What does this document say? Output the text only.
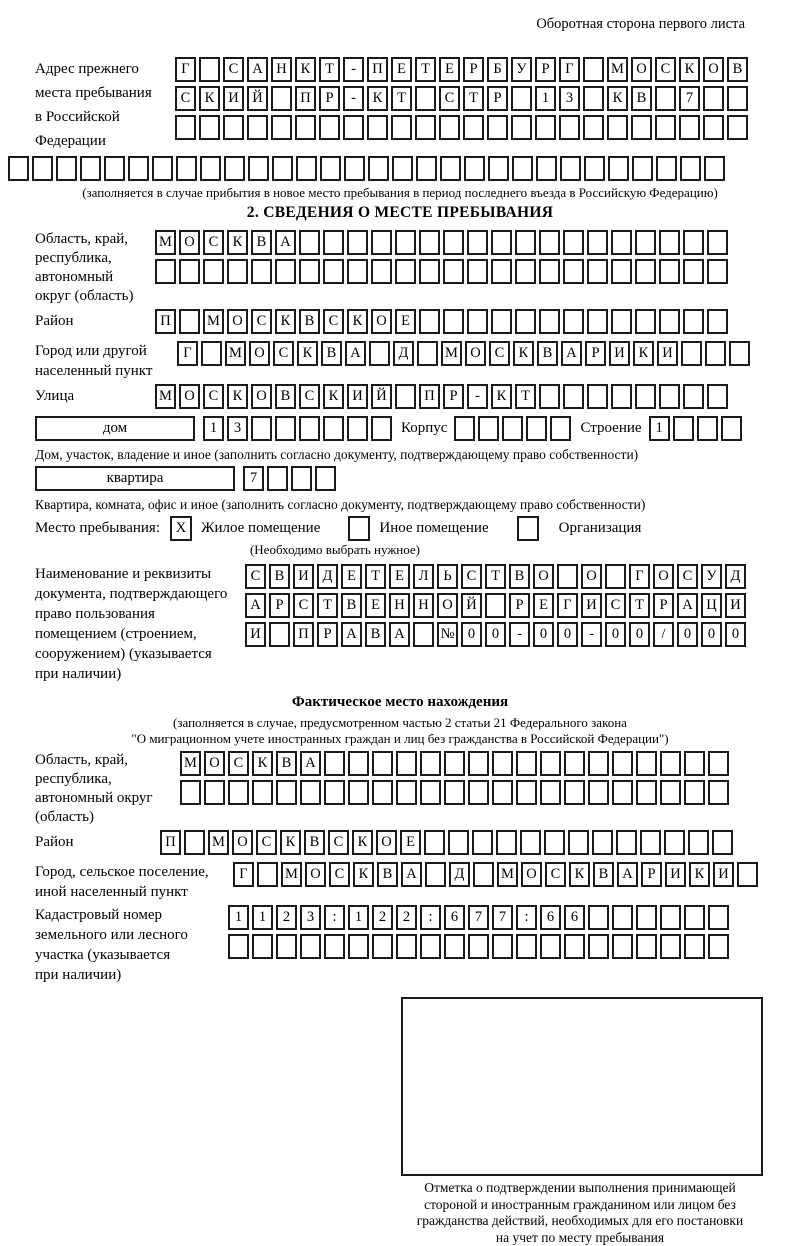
Оборотная сторона первого листа
Адрес прежнего
места пребывания
в Российской
Федерации
Г	С А Н К Т - П Е Т Е Р Б У Р Г	М О С К О В
С К И Й	П Р - К Т	С Т Р	1 3	К В	7
(заполняется в случае прибытия в новое место пребывания в период последнего въезда в Российскую Федерацию)
2. СВЕДЕНИЯ О МЕСТЕ ПРЕБЫВАНИЯ
Область, край,
республика,
автономный
округ (область)
М О С К В А
Район	П	М О С К В С К О Е
Город или другой
населенный пункт
Г	М О С К В А	Д	М О С К В А Р И К И
Улица	М О С К О В С К И Й	П Р - К Т
дом	1 3	Корпус	Строение 1
Дом, участок, владение и иное (заполнить согласно документу, подтверждающему право собственности)
квартира	7
Квартира, комната, офис и иное (заполнить согласно документу, подтверждающему право собственности)
Место пребывания:	X Жилое помещение	Иное помещение	Организация
(Необходимо выбрать нужное)
Наименование и реквизиты
документа, подтверждающего
право пользования
помещением (строением,
сооружением) (указывается
при наличии)
С В И Д Е Т Е Л Ь С Т В О	О	Г О С У Д
А Р С Т В Е Н Н О Й	Р Е Г И С Т Р А Ц И
И	П Р А В А № 0 0 - 0 0 - 0 0 / 0 0 0
Фактическое место нахождения
(заполняется в случае, предусмотренном частью 2 статьи 21 Федерального закона
"О миграционном учете иностранных граждан и лиц без гражданства в Российской Федерации")
Область, край,
республика,
автономный округ
(область)
М О С К В А
Район	П	М О С К В С К О Е
Город, сельское поселение,
иной населенный пункт
Г	М О С К В А	Д	М О С К В А Р И К И
Кадастровый номер
земельного или лесного
участка (указывается
при наличии)
1 1 2 3 : 1 2 2 : 6 7 7 : 6 6
Отметка о подтверждении выполнения принимающей
стороной и иностранным гражданином или лицом без
гражданства действий, необходимых для его постановки
на учет по месту пребывания
